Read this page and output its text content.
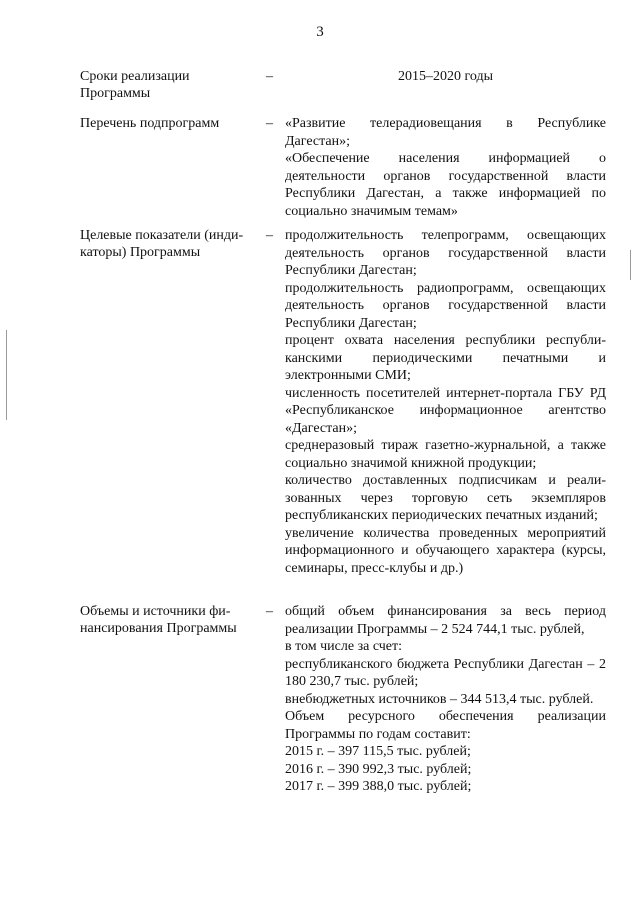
3
Сроки реализации Программы
–	2015–2020 годы

Перечень подпрограмм	– «Развитие телерадиовещания в Республике Дагестан»;

«Обеспечение населения информацией о деятельности органов государственной власти Республики Дагестан, а также информацией по социально значимым темам»

Целевые показатели (индикаторы) Программы
– продолжительность телепрограмм, освещающих деятельность органов государственной власти Республики Дагестан;

продолжительность радиопрограмм, освещающих деятельность органов государственной власти Республики Дагестан;

процент охвата населения республики республиканскими периодическими печатными и электронными СМИ;

численность посетителей интернет-портала ГБУ РД «Республиканское информационное агентство «Дагестан»;

среднеразовый тираж газетно-журнальной, а также социально значимой книжной продукции;

количество доставленных подписчикам и реализованных через торговую сеть экземпляров республиканских периодических печатных изданий;

увеличение количества проведенных мероприятий информационного и обучающего характера (курсы, семинары, пресс-клубы и др.)

Объемы и источники финансирования Программы
– общий объем финансирования за весь период реализации Программы – 2 524 744,1 тыс. рублей,

в том числе за счет:

республиканского бюджета Республики Дагестан – 2 180 230,7 тыс. рублей;

внебюджетных источников – 344 513,4 тыс. рублей.

Объем ресурсного обеспечения реализации Программы по годам составит:

2015 г. – 397 115,5 тыс. рублей;

2016 г. – 390 992,3 тыс. рублей;

2017 г. – 399 388,0 тыс. рублей;
